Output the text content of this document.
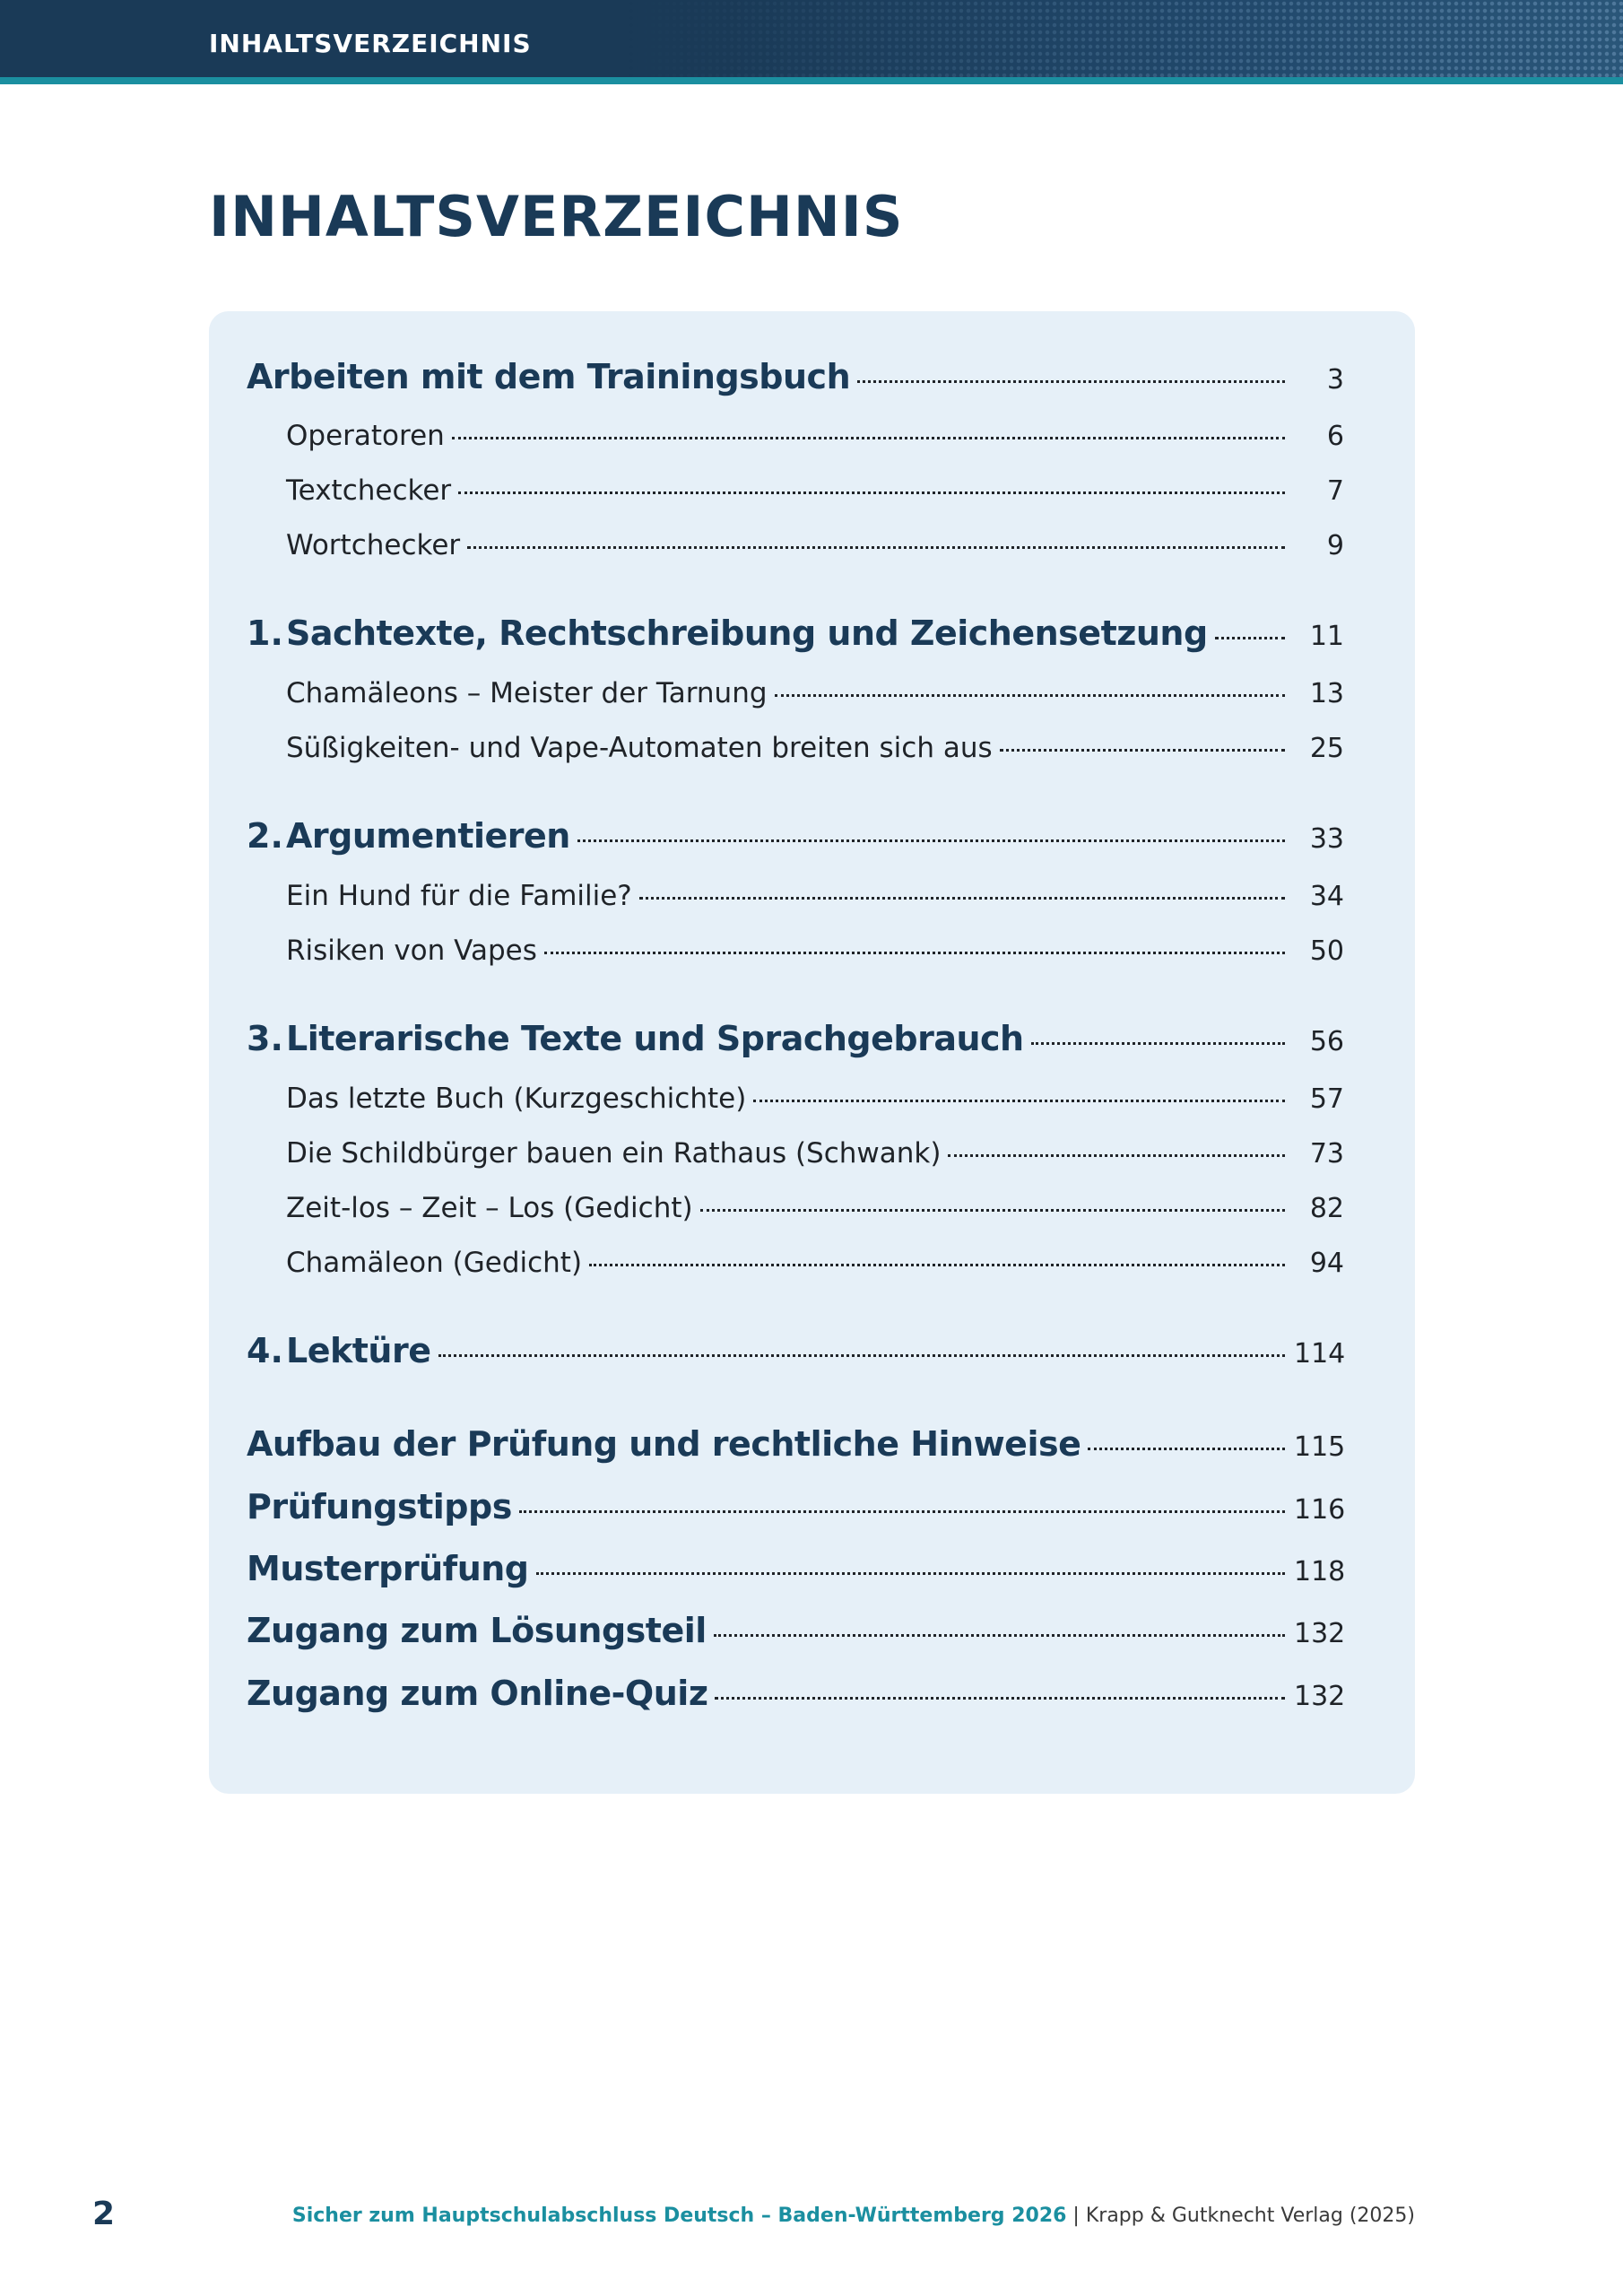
INHALTSVERZEICHNIS
INHALTSVERZEICHNIS
Arbeiten mit dem Trainingsbuch	3
Operatoren	6
Textchecker	7
Wortchecker	9
1. Sachtexte, Rechtschreibung und Zeichensetzung	11
Chamäleons – Meister der Tarnung	13
Süßigkeiten- und Vape-Automaten breiten sich aus	25
2. Argumentieren	33
Ein Hund für die Familie?	34
Risiken von Vapes	50
3. Literarische Texte und Sprachgebrauch	56
Das letzte Buch (Kurzgeschichte)	57
Die Schildbürger bauen ein Rathaus (Schwank)	73
Zeit-los – Zeit – Los (Gedicht)	82
Chamäleon (Gedicht)	94
4. Lektüre	114
Aufbau der Prüfung und rechtliche Hinweise	115
Prüfungstipps	116
Musterprüfung	118
Zugang zum Lösungsteil	132
Zugang zum Online-Quiz	132
2	Sicher zum Hauptschulabschluss Deutsch – Baden-Württemberg 2026 | Krapp & Gutknecht Verlag (2025)
